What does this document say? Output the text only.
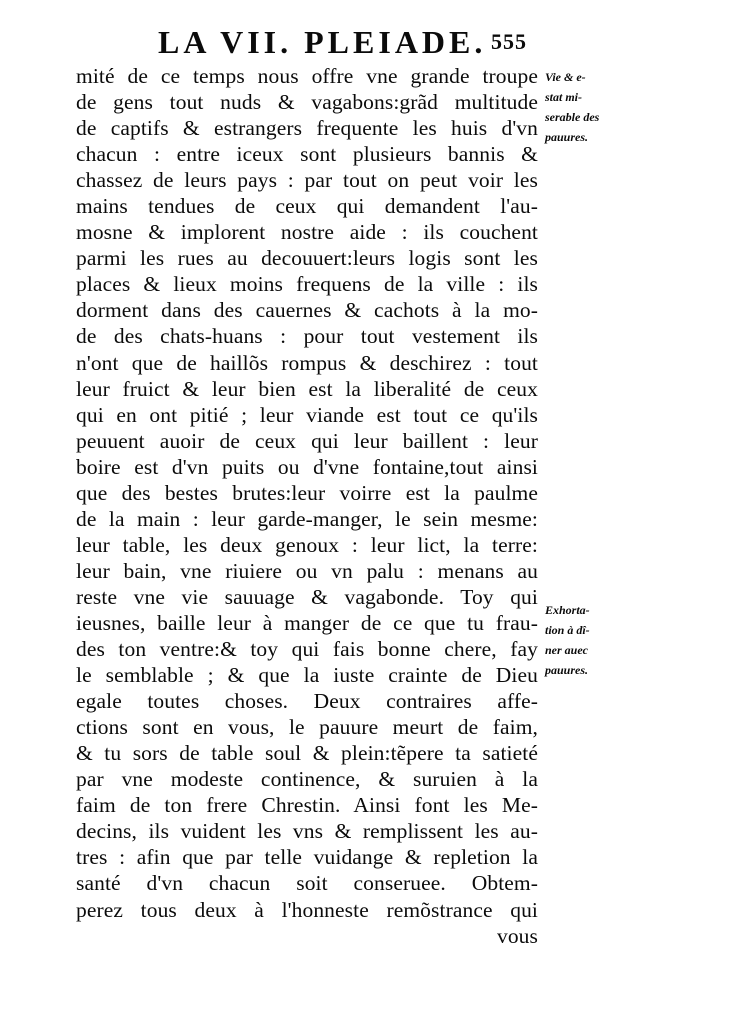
LA VII. PLEIADE. 555
mité de ce temps nous offre vne grande troupe
de gens tout nuds & vagabons:grãd multitude
de captifs & estrangers frequente les huis d'vn
chacun : entre iceux sont plusieurs bannis &
chassez de leurs pays : par tout on peut voir les
mains tendues de ceux qui demandent l'au-
mosne & implorent nostre aide : ils couchent
parmi les rues au decouuert:leurs logis sont les
places & lieux moins frequens de la ville : ils
dorment dans des cauernes & cachots à la mo-
de des chats-huans : pour tout vestement ils
n'ont que de haillõs rompus & deschirez : tout
leur fruict & leur bien est la liberalité de ceux
qui en ont pitié ; leur viande est tout ce qu'ils
peuuent auoir de ceux qui leur baillent : leur
boire est d'vn puits ou d'vne fontaine,tout ainsi
que des bestes brutes:leur voirre est la paulme
de la main : leur garde-manger, le sein mesme:
leur table, les deux genoux : leur lict, la terre:
leur bain, vne riuiere ou vn palu : menans au
reste vne vie sauuage & vagabonde. Toy qui
ieusnes, baille leur à manger de ce que tu frau-
des ton ventre:& toy qui fais bonne chere, fay
le semblable ; & que la iuste crainte de Dieu
egale toutes choses. Deux contraires affe-
ctions sont en vous, le pauure meurt de faim,
& tu sors de table soul & plein:tẽpere ta satieté
par vne modeste continence, & suruien à la
faim de ton frere Chrestin. Ainsi font les Me-
decins, ils vuident les vns & remplissent les au-
tres : afin que par telle vuidange & repletion la
santé d'vn chacun soit conseruee. Obtem-
perez tous deux à l'honneste remõstrance qui
vous
Vie & e-
stat mi-
serable des
pauures.
Exhorta-
tion à dî-
ner auec
pauures.
